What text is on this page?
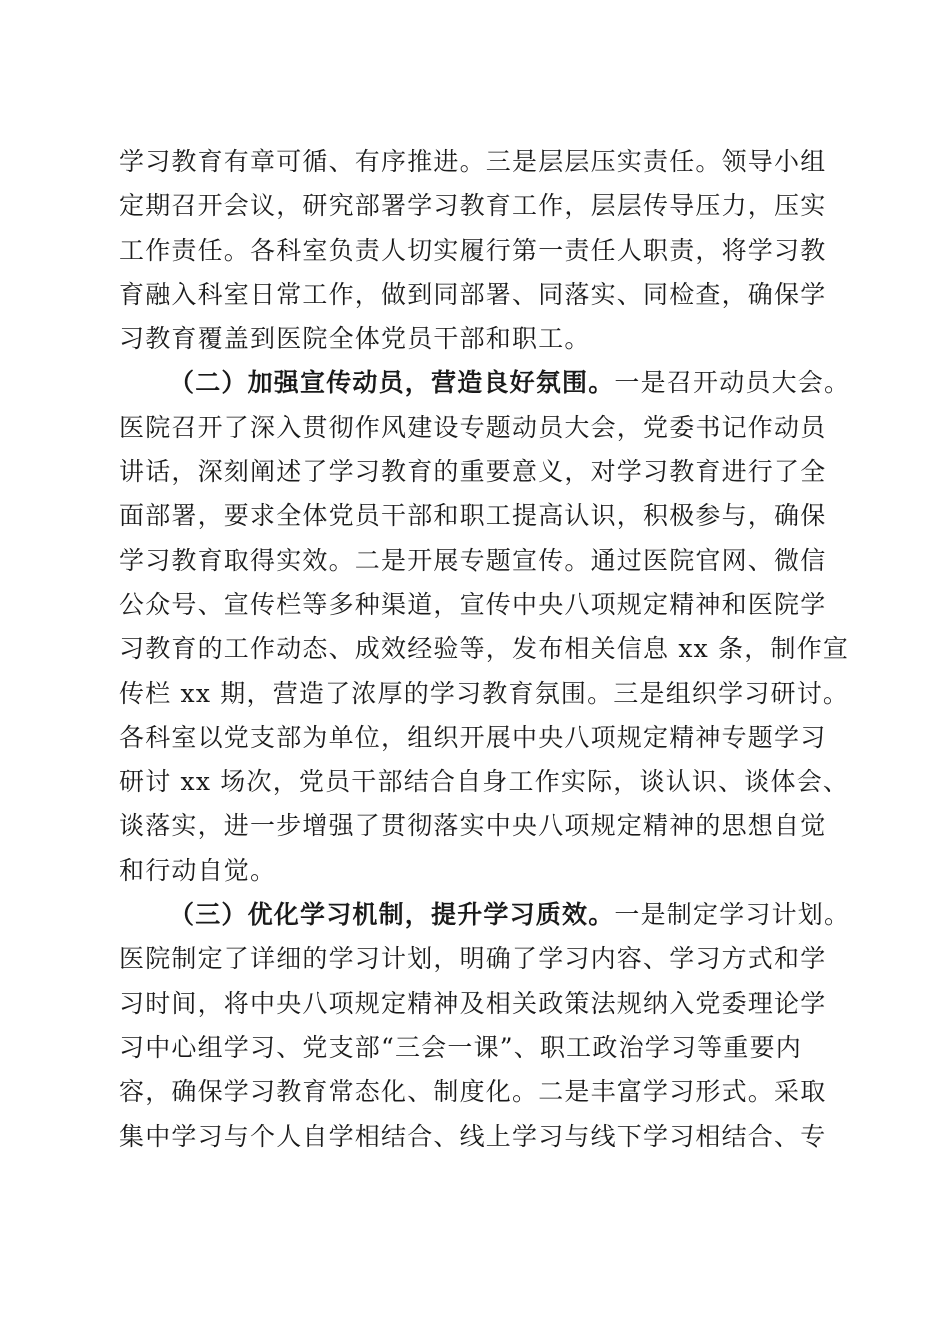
学习教育有章可循、有序推进。三是层层压实责任。领导小组
定期召开会议，研究部署学习教育工作，层层传导压力，压实
工作责任。各科室负责人切实履行第一责任人职责，将学习教
育融入科室日常工作，做到同部署、同落实、同检查，确保学
习教育覆盖到医院全体党员干部和职工。
（二）加强宣传动员，营造良好氛围。一是召开动员大会。
医院召开了深入贯彻作风建设专题动员大会，党委书记作动员
讲话，深刻阐述了学习教育的重要意义，对学习教育进行了全
面部署，要求全体党员干部和职工提高认识，积极参与，确保
学习教育取得实效。二是开展专题宣传。通过医院官网、微信
公众号、宣传栏等多种渠道，宣传中央八项规定精神和医院学
习教育的工作动态、成效经验等，发布相关信息 xx 条，制作宣
传栏 xx 期，营造了浓厚的学习教育氛围。三是组织学习研讨。
各科室以党支部为单位，组织开展中央八项规定精神专题学习
研讨 xx 场次，党员干部结合自身工作实际，谈认识、谈体会、
谈落实，进一步增强了贯彻落实中央八项规定精神的思想自觉
和行动自觉。
（三）优化学习机制，提升学习质效。一是制定学习计划。
医院制定了详细的学习计划，明确了学习内容、学习方式和学
习时间，将中央八项规定精神及相关政策法规纳入党委理论学
习中心组学习、党支部“三会一课”、职工政治学习等重要内
容，确保学习教育常态化、制度化。二是丰富学习形式。采取
集中学习与个人自学相结合、线上学习与线下学习相结合、专
